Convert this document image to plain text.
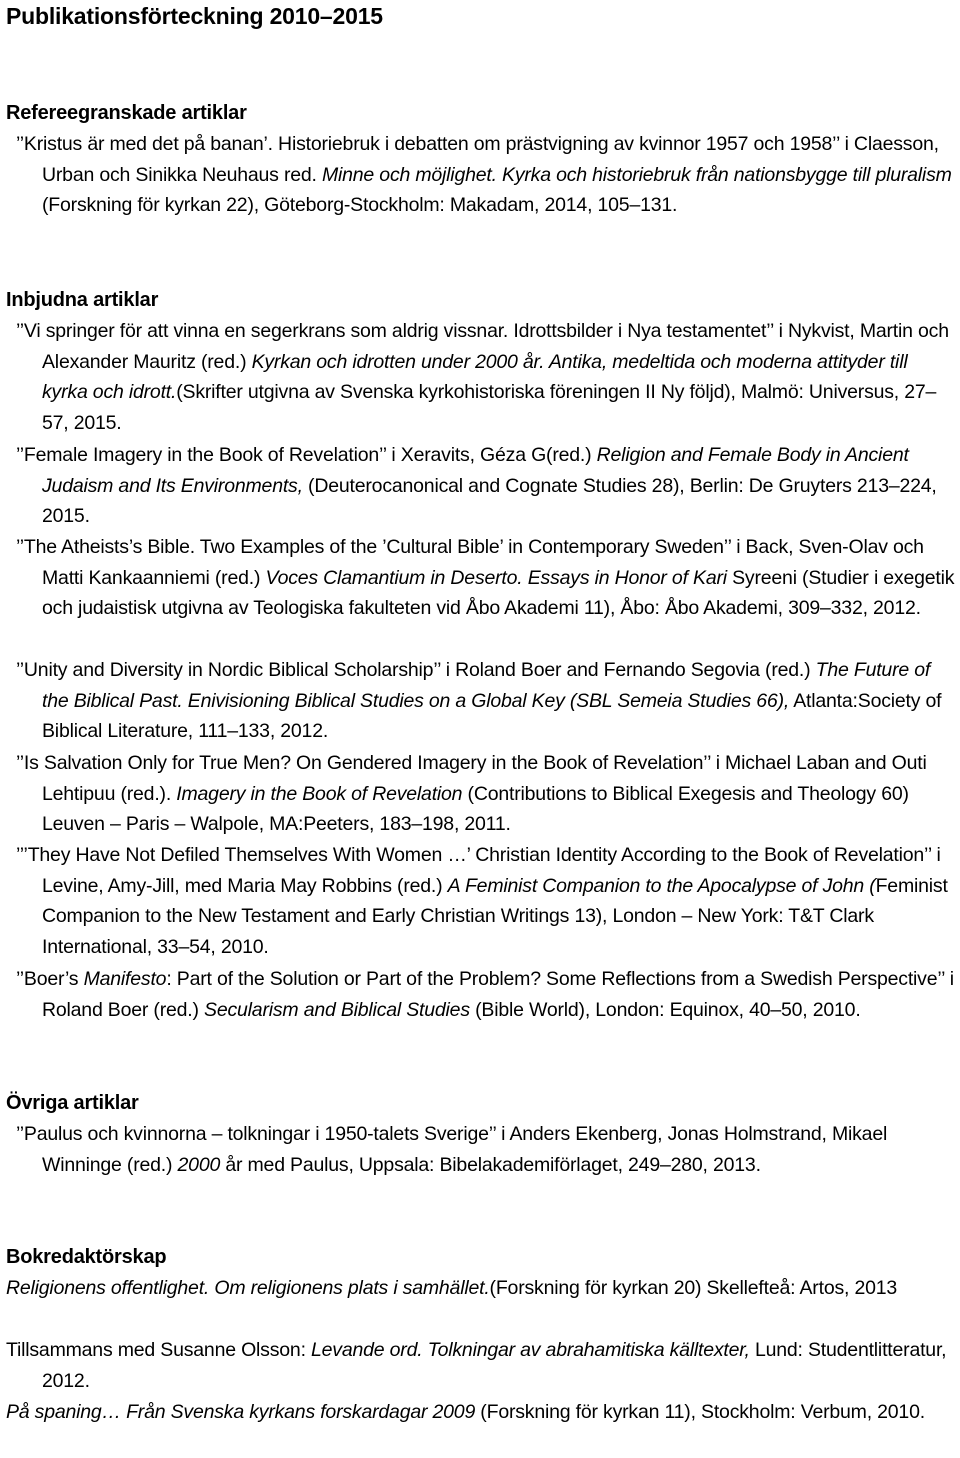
Publikationsförteckning 2010–2015
Refereegranskade artiklar

’’Kristus är med det på banan’. Historiebruk i debatten om prästvigning av kvinnor 1957 och 1958’’ i Claesson, Urban och Sinikka Neuhaus red. Minne och möjlighet. Kyrka och historiebruk från nationsbygge till pluralism (Forskning för kyrkan 22), Göteborg-Stockholm: Makadam, 2014, 105–131.

Inbjudna artiklar

’’Vi springer för att vinna en segerkrans som aldrig vissnar. Idrottsbilder i Nya testamentet’’ i Nykvist, Martin och Alexander Mauritz (red.) Kyrkan och idrotten under 2000 år. Antika, medeltida och moderna attityder till kyrka och idrott.(Skrifter utgivna av Svenska kyrkohistoriska föreningen II Ny följd), Malmö: Universus, 27–57, 2015.

’’Female Imagery in the Book of Revelation’’ i Xeravits, Géza G(red.) Religion and Female Body in Ancient Judaism and Its Environments, (Deuterocanonical and Cognate Studies 28), Berlin: De Gruyters 213–224, 2015.

’’The Atheists’s Bible. Two Examples of the ’Cultural Bible’ in Contemporary Sweden’’ i Back, Sven-Olav och Matti Kankaanniemi (red.) Voces Clamantium in Deserto. Essays in Honor of Kari Syreeni (Studier i exegetik och judaistisk utgivna av Teologiska fakulteten vid Åbo Akademi 11), Åbo: Åbo Akademi, 309–332, 2012.

’’Unity and Diversity in Nordic Biblical Scholarship’’ i Roland Boer and Fernando Segovia (red.) The Future of the Biblical Past. Enivisioning Biblical Studies on a Global Key (SBL Semeia Studies 66), Atlanta:Society of Biblical Literature, 111–133, 2012.

’’Is Salvation Only for True Men? On Gendered Imagery in the Book of Revelation’’ i Michael Laban and Outi Lehtipuu (red.). Imagery in the Book of Revelation (Contributions to Biblical Exegesis and Theology 60) Leuven – Paris – Walpole, MA:Peeters, 183–198, 2011.

’’’They Have Not Defiled Themselves With Women …’ Christian Identity According to the Book of Revelation’’ i Levine, Amy-Jill, med Maria May Robbins (red.) A Feminist Companion to the Apocalypse of John (Feminist Companion to the New Testament and Early Christian Writings 13), London – New York: T&T Clark International, 33–54, 2010.

’’Boer’s Manifesto: Part of the Solution or Part of the Problem? Some Reflections from a Swedish Perspective’’ i Roland Boer (red.) Secularism and Biblical Studies (Bible World), London: Equinox, 40–50, 2010.

Övriga artiklar

’’Paulus och kvinnorna – tolkningar i 1950-talets Sverige’’ i Anders Ekenberg, Jonas Holmstrand, Mikael Winninge (red.) 2000 år med Paulus, Uppsala: Bibelakademiförlaget, 249–280, 2013.

Bokredaktörskap

Religionens offentlighet. Om religionens plats i samhället.(Forskning för kyrkan 20) Skellefteå: Artos, 2013

Tillsammans med Susanne Olsson: Levande ord. Tolkningar av abrahamitiska källtexter, Lund: Studentlitteratur, 2012.

På spaning… Från Svenska kyrkans forskardagar 2009 (Forskning för kyrkan 11), Stockholm: Verbum, 2010.
